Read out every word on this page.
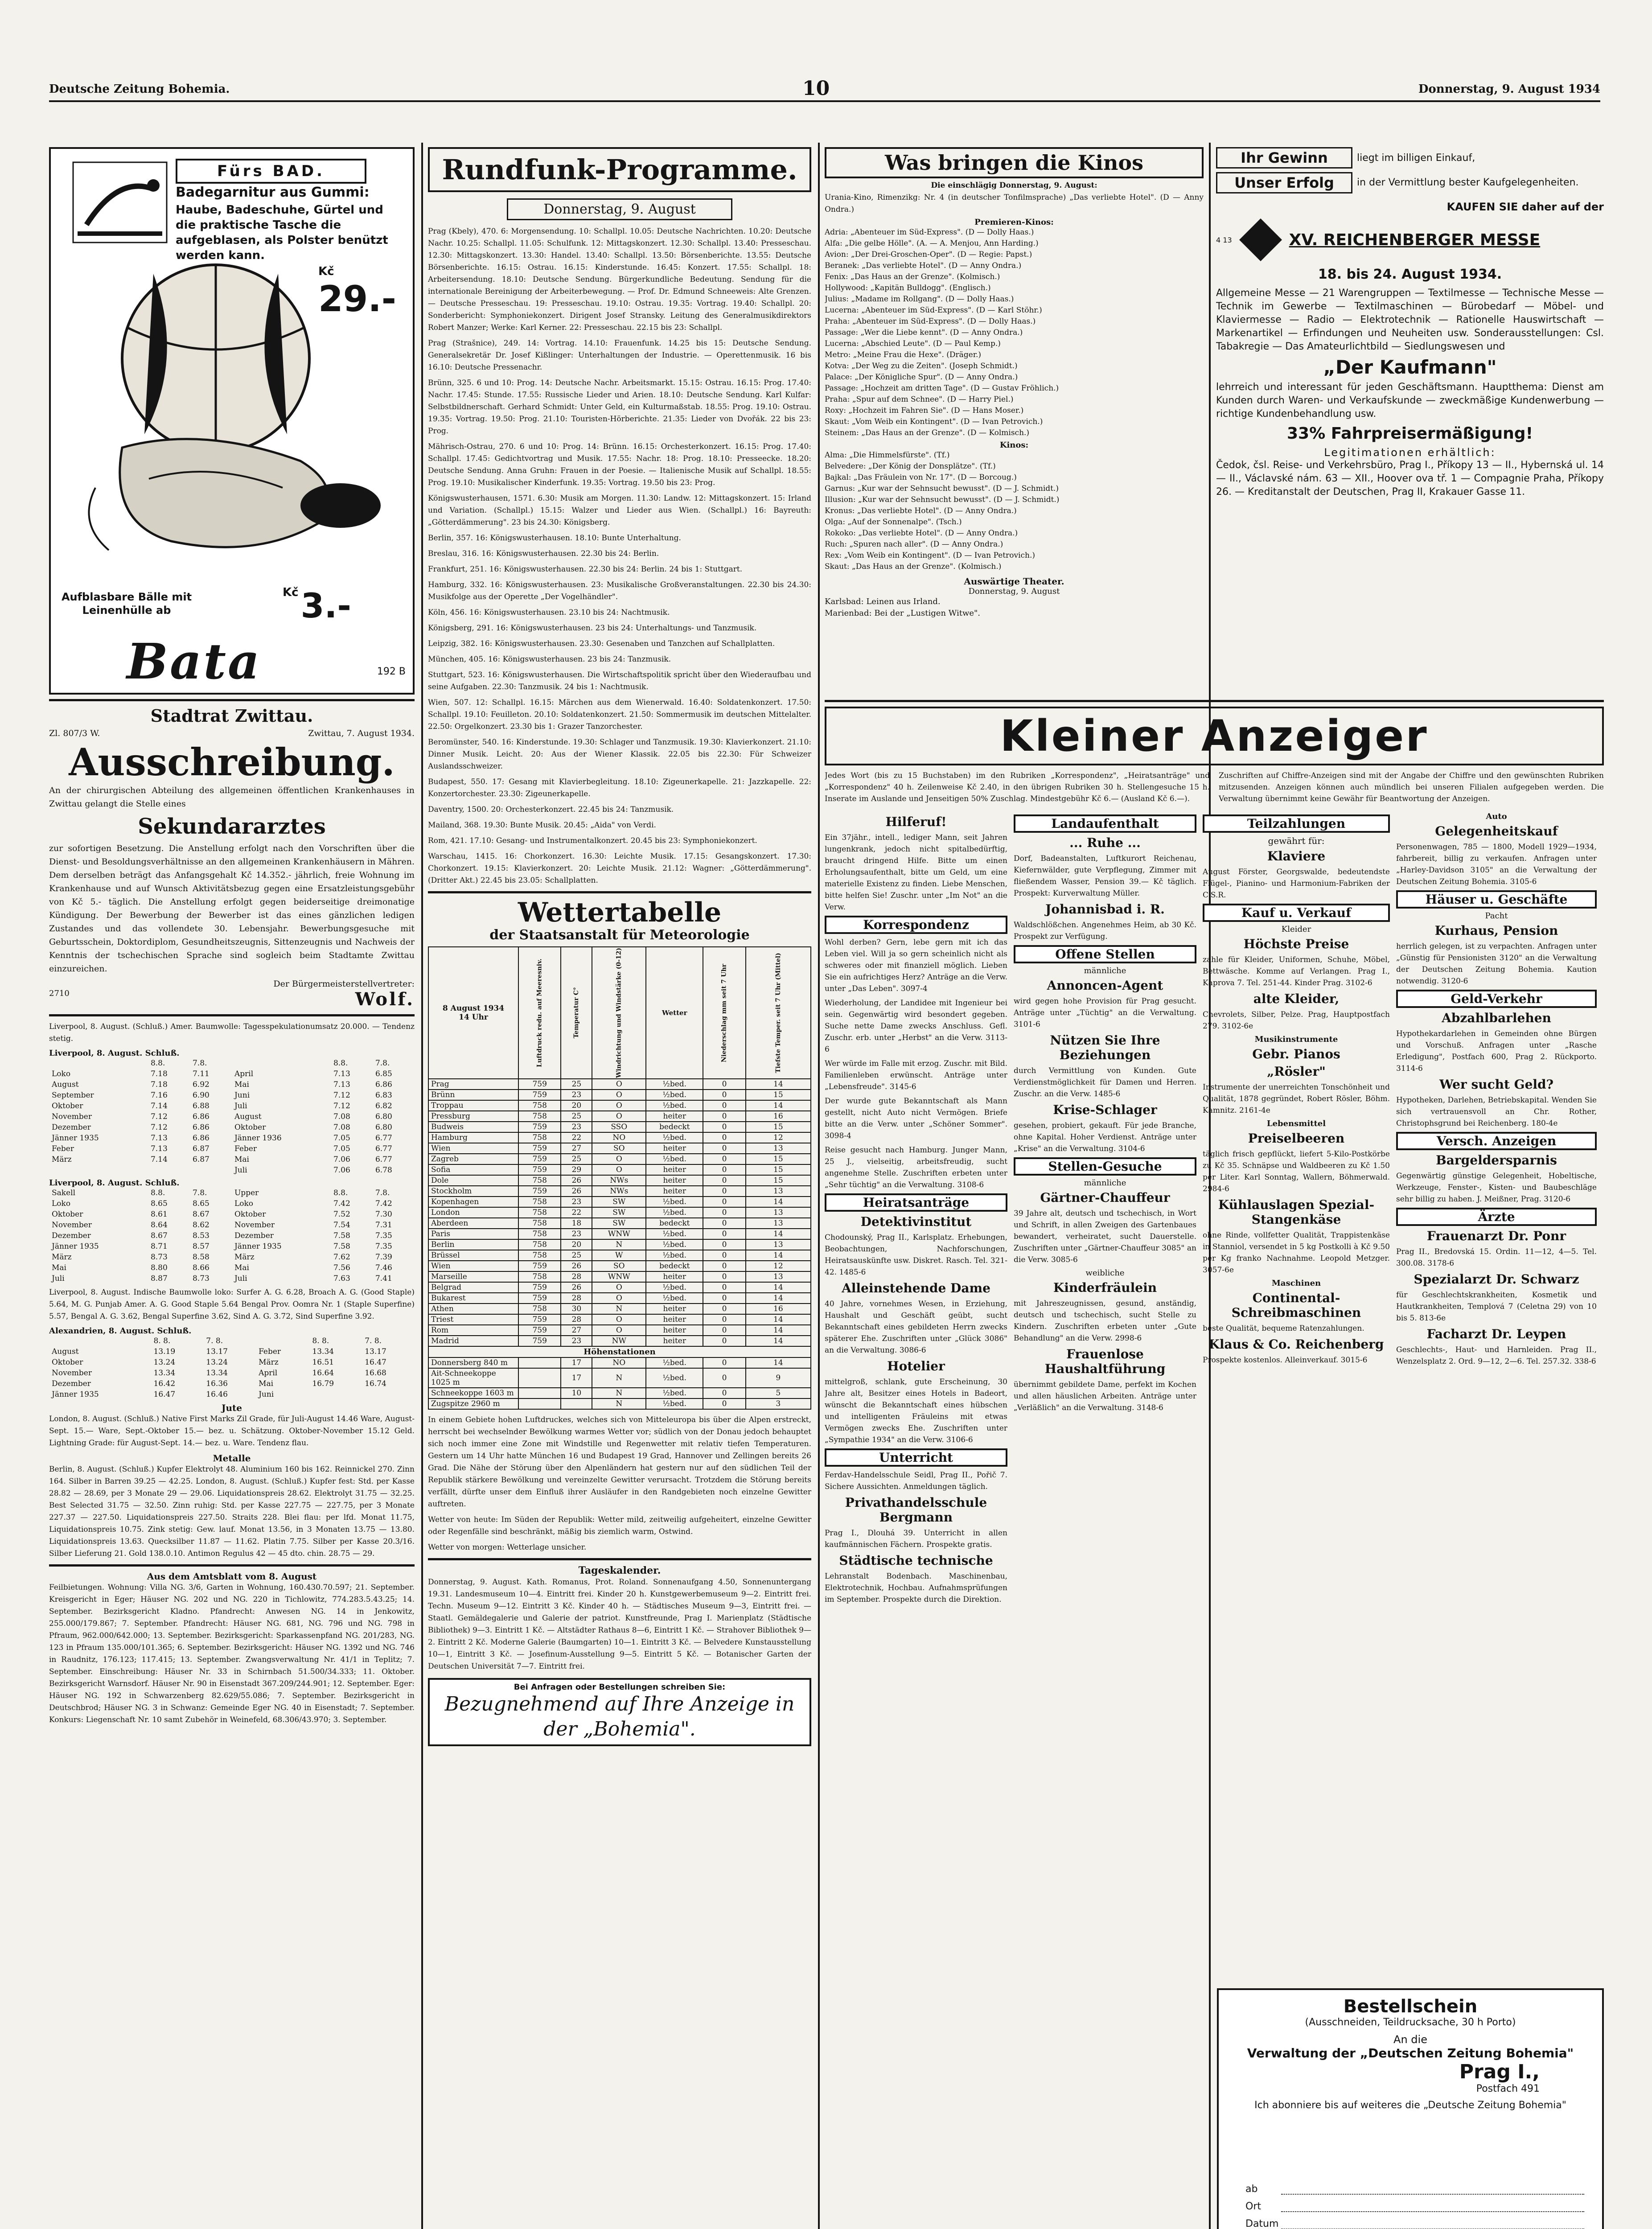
Deutsche Zeitung Bohemia.	10	Donnerstag, 9. August 1934
Fürs BAD.
Badegarnitur aus Gummi:
Haube, Badeschuhe, Gürtel und die praktische Tasche die aufgeblasen, als Polster benützt werden kann.
Kč 29.-
Aufblasbare Bälle mit Leinenhülle ab
Kč 3.-
Bata	192 B
Stadtrat Zwittau.
Zl. 807/3 W.	Zwittau, 7. August 1934.
Ausschreibung.

An der chirurgischen Abteilung des allgemeinen öffentlichen Krankenhauses in Zwittau gelangt die Stelle eines

Sekundararztes

zur sofortigen Besetzung. Die Anstellung erfolgt nach den Vorschriften über die Dienst- und Besoldungsverhältnisse an den allgemeinen Krankenhäusern in Mähren. Dem derselben beträgt das Anfangsgehalt Kč 14.352.- jährlich, freie Wohnung im Krankenhause und auf Wunsch Aktivitätsbezug gegen eine Ersatzleistungsgebühr von Kč 5.- täglich. Die Anstellung erfolgt gegen beiderseitige dreimonatige Kündigung. Der Bewerbung der Bewerber ist das eines gänzlichen ledigen Zustandes und das vollendete 30. Lebensjahr. Bewerbungsgesuche mit Geburtsschein, Doktordiplom, Gesundheitszeugnis, Sittenzeugnis und Nachweis der Kenntnis der tschechischen Sprache sind sogleich beim Stadtamte Zwittau einzureichen.

Der Bürgermeisterstellvertreter:
2710	Wolf.

Liverpool, 8. August. (Schluß.) Amer. Baumwolle: Tagesspekulationumsatz 20.000. — Tendenz stetig.

Liverpool, 8. August. Schluß.
	8.8.	7.8.		8.8.	7.8.
Loko	7.18	7.11	April	7.13	6.85
August	7.18	6.92	Mai	7.13	6.86
September	7.16	6.90	Juni	7.12	6.83
Oktober	7.14	6.88	Juli	7.12	6.82
November	7.12	6.86	August	7.08	6.80
Dezember	7.12	6.86	Oktober	7.08	6.80
Jänner 1935	7.13	6.86	Jänner 1936	7.05	6.77
Feber	7.13	6.87	Feber	7.05	6.77
März	7.14	6.87	Mai	7.06	6.77
			Juli	7.06	6.78
Liverpool, 8. August. Schluß.
Sakell	8.8.	7.8.	Upper	8.8.	7.8.
Loko	8.65	8.65	Loko	7.42	7.42
Oktober	8.61	8.67	Oktober	7.52	7.30
November	8.64	8.62	November	7.54	7.31
Dezember	8.67	8.53	Dezember	7.58	7.35
Jänner 1935	8.71	8.57	Jänner 1935	7.58	7.35
März	8.73	8.58	März	7.62	7.39
Mai	8.80	8.66	Mai	7.56	7.46
Juli	8.87	8.73	Juli	7.63	7.41

Liverpool, 8. August. Indische Baumwolle loko: Surfer A. G. 6.28, Broach A. G. (Good Staple) 5.64, M. G. Punjab Amer. A. G. Good Staple 5.64 Bengal Prov. Oomra Nr. 1 (Staple Superfine) 5.57, Bengal A. G. 3.62, Bengal Superfine 3.62, Sind A. G. 3.72, Sind Superfine 3.92.

Alexandrien, 8. August. Schluß.
	8. 8.	7. 8.		8. 8.	7. 8.
August	13.19	13.17	Feber	13.34	13.17
Oktober	13.24	13.24	März	16.51	16.47
November	13.34	13.34	April	16.64	16.68
Dezember	16.42	16.36	Mai	16.79	16.74
Jänner 1935	16.47	16.46	Juni		
Jute

London, 8. August. (Schluß.) Native First Marks Zil Grade, für Juli-August 14.46 Ware, August-Sept. 15.— Ware, Sept.-Oktober 15.— bez. u. Schätzung. Oktober-November 15.12 Geld. Lightning Grade: für August-Sept. 14.— bez. u. Ware. Tendenz flau.

Metalle

Berlin, 8. August. (Schluß.) Kupfer Elektrolyt 48. Aluminium 160 bis 162. Reinnickel 270. Zinn 164. Silber in Barren 39.25 — 42.25. London, 8. August. (Schluß.) Kupfer fest: Std. per Kasse 28.82 — 28.69, per 3 Monate 29 — 29.06. Liquidationspreis 28.62. Elektrolyt 31.75 — 32.25. Best Selected 31.75 — 32.50. Zinn ruhig: Std. per Kasse 227.75 — 227.75, per 3 Monate 227.37 — 227.50. Liquidationspreis 227.50. Straits 228. Blei flau: per lfd. Monat 11.75, Liquidationspreis 10.75. Zink stetig: Gew. lauf. Monat 13.56, in 3 Monaten 13.75 — 13.80. Liquidationspreis 13.63. Quecksilber 11.87 — 11.62. Platin 7.75. Silber per Kasse 20.3/16. Silber Lieferung 21. Gold 138.0.10. Antimon Regulus 42 — 45 dto. chin. 28.75 — 29.

Aus dem Amtsblatt vom 8. August

Feilbietungen. Wohnung: Villa NG. 3/6, Garten in Wohnung, 160.430.70.597; 21. September. Kreisgericht in Eger; Häuser NG. 202 und NG. 220 in Tichlowitz, 774.283.5.43.25; 14. September. Bezirksgericht Kladno. Pfandrecht: Anwesen NG. 14 in Jenkowitz, 255.000/179.867; 7. September. Pfandrecht: Häuser NG. 681, NG. 796 und NG. 798 in Pfraum, 962.000/642.000; 13. September. Bezirksgericht: Sparkassenpfand NG. 201/283, NG. 123 in Pfraum 135.000/101.365; 6. September. Bezirksgericht: Häuser NG. 1392 und NG. 746 in Raudnitz, 176.123; 117.415; 13. September. Zwangsverwaltung Nr. 41/1 in Teplitz; 7. September. Einschreibung: Häuser Nr. 33 in Schirnbach 51.500/34.333; 11. Oktober. Bezirksgericht Warnsdorf. Häuser Nr. 90 in Eisenstadt 367.209/244.901; 12. September. Eger: Häuser NG. 192 in Schwarzenberg 82.629/55.086; 7. September. Bezirksgericht in Deutschbrod; Häuser NG. 3 in Schwanz: Gemeinde Eger NG. 40 in Eisenstadt; 7. September. Konkurs: Liegenschaft Nr. 10 samt Zubehör in Weinefeld, 68.306/43.970; 3. September.

Rundfunk-Programme.
Donnerstag, 9. August

Prag (Kbely), 470. 6: Morgensendung. 10: Schallpl. 10.05: Deutsche Nachrichten. 10.20: Deutsche Nachr. 10.25: Schallpl. 11.05: Schulfunk. 12: Mittagskonzert. 12.30: Schallpl. 13.40: Presseschau. 12.30: Mittagskonzert. 13.30: Handel. 13.40: Schallpl. 13.50: Börsenberichte. 13.55: Deutsche Börsenberichte. 16.15: Ostrau. 16.15: Kinderstunde. 16.45: Konzert. 17.55: Schallpl. 18: Arbeitersendung. 18.10: Deutsche Sendung. Bürgerkundliche Bedeutung. Sendung für die internationale Bereinigung der Arbeiterbewegung. — Prof. Dr. Edmund Schneeweis: Alte Grenzen. — Deutsche Presseschau. 19: Presseschau. 19.10: Ostrau. 19.35: Vortrag. 19.40: Schallpl. 20: Sonderbericht: Symphoniekonzert. Dirigent Josef Stransky. Leitung des Generalmusikdirektors Robert Manzer; Werke: Karl Kerner. 22: Presseschau. 22.15 bis 23: Schallpl.

Prag (Strašnice), 249. 14: Vortrag. 14.10: Frauenfunk. 14.25 bis 15: Deutsche Sendung. Generalsekretär Dr. Josef Kißlinger: Unterhaltungen der Industrie. — Operettenmusik. 16 bis 16.10: Deutsche Pressenachr.

Brünn, 325. 6 und 10: Prog. 14: Deutsche Nachr. Arbeitsmarkt. 15.15: Ostrau. 16.15: Prog. 17.40: Nachr. 17.45: Stunde. 17.55: Russische Lieder und Arien. 18.10: Deutsche Sendung. Karl Kulfar: Selbstbildnerschaft. Gerhard Schmidt: Unter Geld, ein Kulturmaßstab. 18.55: Prog. 19.10: Ostrau. 19.35: Vortrag. 19.50: Prog. 21.10: Touristen-Hörberichte. 21.35: Lieder von Dvořák. 22 bis 23: Prog.

Mährisch-Ostrau, 270. 6 und 10: Prog. 14: Brünn. 16.15: Orchesterkonzert. 16.15: Prog. 17.40: Schallpl. 17.45: Gedichtvortrag und Musik. 17.55: Nachr. 18: Prog. 18.10: Presseecke. 18.20: Deutsche Sendung. Anna Gruhn: Frauen in der Poesie. — Italienische Musik auf Schallpl. 18.55: Prog. 19.10: Musikalischer Kinderfunk. 19.35: Vortrag. 19.50 bis 23: Prog.

Königswusterhausen, 1571. 6.30: Musik am Morgen. 11.30: Landw. 12: Mittagskonzert. 15: Irland und Variation. (Schallpl.) 15.15: Walzer und Lieder aus Wien. (Schallpl.) 16: Bayreuth: „Götterdämmerung". 23 bis 24.30: Königsberg.

Berlin, 357. 16: Königswusterhausen. 18.10: Bunte Unterhaltung.

Breslau, 316. 16: Königswusterhausen. 22.30 bis 24: Berlin.

Frankfurt, 251. 16: Königswusterhausen. 22.30 bis 24: Berlin. 24 bis 1: Stuttgart.

Hamburg, 332. 16: Königswusterhausen. 23: Musikalische Großveranstaltungen. 22.30 bis 24.30: Musikfolge aus der Operette „Der Vogelhändler".

Köln, 456. 16: Königswusterhausen. 23.10 bis 24: Nachtmusik.

Königsberg, 291. 16: Königswusterhausen. 23 bis 24: Unterhaltungs- und Tanzmusik.

Leipzig, 382. 16: Königswusterhausen. 23.30: Gesenaben und Tanzchen auf Schallplatten.

München, 405. 16: Königswusterhausen. 23 bis 24: Tanzmusik.

Stuttgart, 523. 16: Königswusterhausen. Die Wirtschaftspolitik spricht über den Wiederaufbau und seine Aufgaben. 22.30: Tanzmusik. 24 bis 1: Nachtmusik.

Wien, 507. 12: Schallpl. 16.15: Märchen aus dem Wienerwald. 16.40: Soldatenkonzert. 17.50: Schallpl. 19.10: Feuilleton. 20.10: Soldatenkonzert. 21.50: Sommermusik im deutschen Mittelalter. 22.50: Orgelkonzert. 23.30 bis 1: Grazer Tanzorchester.

Beromünster, 540. 16: Kinderstunde. 19.30: Schlager und Tanzmusik. 19.30: Klavierkonzert. 21.10: Dinner Musik. Leicht. 20: Aus der Wiener Klassik. 22.05 bis 22.30: Für Schweizer Auslandsschweizer.

Budapest, 550. 17: Gesang mit Klavierbegleitung. 18.10: Zigeunerkapelle. 21: Jazzkapelle. 22: Konzertorchester. 23.30: Zigeunerkapelle.

Daventry, 1500. 20: Orchesterkonzert. 22.45 bis 24: Tanzmusik.

Mailand, 368. 19.30: Bunte Musik. 20.45: „Aida" von Verdi.

Rom, 421. 17.10: Gesang- und Instrumentalkonzert. 20.45 bis 23: Symphoniekonzert.

Warschau, 1415. 16: Chorkonzert. 16.30: Leichte Musik. 17.15: Gesangskonzert. 17.30: Chorkonzert. 19.15: Klavierkonzert. 20: Leichte Musik. 21.12: Wagner: „Götterdämmerung". (Dritter Akt.) 22.45 bis 23.05: Schallplatten.

Wettertabelle
der Staatsanstalt für Meteorologie
8 August 1934
14 Uhr	Luftdruck redu. auf Meeresniv.	Temperatur C°	Windrichtung und Windstärke (0-12)	Wetter	Niederschlag mm seit 7 Uhr	Tiefste Temper. seit 7 Uhr (Mittel)
Prag	759	25	O	½bed.	0	14
Brünn	759	23	O	½bed.	0	15
Troppau	758	20	O	½bed.	0	14
Pressburg	758	25	O	heiter	0	16
Budweis	759	23	SSO	bedeckt	0	15
Hamburg	758	22	NO	½bed.	0	12
Wien	759	27	SO	heiter	0	13
Zagreb	759	25	O	½bed.	0	15
Sofia	759	29	O	heiter	0	15
Dole	758	26	NWs	heiter	0	15
Stockholm	759	26	NWs	heiter	0	13
Kopenhagen	758	23	SW	½bed.	0	14
London	758	22	SW	½bed.	0	13
Aberdeen	758	18	SW	bedeckt	0	13
Paris	758	23	WNW	½bed.	0	14
Berlin	758	20	N	½bed.	0	13
Brüssel	758	25	W	½bed.	0	14
Wien	759	26	SO	bedeckt	0	12
Marseille	758	28	WNW	heiter	0	13
Belgrad	759	26	O	½bed.	0	14
Bukarest	759	28	O	½bed.	0	14
Athen	758	30	N	heiter	0	16
Triest	759	28	O	heiter	0	14
Rom	759	27	O	heiter	0	14
Madrid	759	23	NW	heiter	0	14
Höhenstationen						
Donnersberg 840 m		17	NO	½bed.	0	14
Ait-Schneekoppe 1025 m		17	N	½bed.	0	9
Schneekoppe 1603 m		10	N	½bed.	0	5
Zugspitze 2960 m			N	½bed.	0	3

In einem Gebiete hohen Luftdruckes, welches sich von Mitteleuropa bis über die Alpen erstreckt, herrscht bei wechselnder Bewölkung warmes Wetter vor; südlich von der Donau jedoch behauptet sich noch immer eine Zone mit Windstille und Regenwetter mit relativ tiefen Temperaturen. Gestern um 14 Uhr hatte München 16 und Budapest 19 Grad, Hannover und Zellingen bereits 26 Grad. Die Nähe der Störung über den Alpenländern hat gestern nur auf den südlichen Teil der Republik stärkere Bewölkung und vereinzelte Gewitter verursacht. Trotzdem die Störung bereits verfällt, dürfte unser dem Einfluß ihrer Ausläufer in den Randgebieten noch einzelne Gewitter auftreten.

Wetter von heute: Im Süden der Republik: Wetter mild, zeitweilig aufgeheitert, einzelne Gewitter oder Regenfälle sind beschränkt, mäßig bis ziemlich warm, Ostwind.

Wetter von morgen: Wetterlage unsicher.

Tageskalender.

Donnerstag, 9. August. Kath. Romanus, Prot. Roland. Sonnenaufgang 4.50, Sonnenuntergang 19.31. Landesmuseum 10—4. Eintritt frei. Kinder 20 h. Kunstgewerbemuseum 9—2. Eintritt frei. Techn. Museum 9—12. Eintritt 3 Kč. Kinder 40 h. — Städtisches Museum 9—3, Eintritt frei. — Staatl. Gemäldegalerie und Galerie der patriot. Kunstfreunde, Prag I. Marienplatz (Städtische Bibliothek) 9—3. Eintritt 1 Kč. — Altstädter Rathaus 8—6, Eintritt 1 Kč. — Strahover Bibliothek 9—2. Eintritt 2 Kč. Moderne Galerie (Baumgarten) 10—1. Eintritt 3 Kč. — Belvedere Kunstausstellung 10—1, Eintritt 3 Kč. — Josefinum-Ausstellung 9—5. Eintritt 5 Kč. — Botanischer Garten der Deutschen Universität 7—7. Eintritt frei.

Bei Anfragen oder Bestellungen schreiben Sie:
Bezugnehmend auf Ihre Anzeige in der „Bohemia".
Was bringen die Kinos
Die einschlägig Donnerstag, 9. August:

Urania-Kino, Rimenzikg: Nr. 4 (in deutscher Tonfilmsprache) „Das verliebte Hotel". (D — Anny Ondra.)

Premieren-Kinos:
Adria: „Abenteuer im Süd-Express". (D — Dolly Haas.)
Alfa: „Die gelbe Hölle". (A. — A. Menjou, Ann Harding.)
Avion: „Der Drei-Groschen-Oper". (D — Regie: Papst.)
Beranek: „Das verliebte Hotel". (D — Anny Ondra.)
Fenix: „Das Haus an der Grenze". (Kolmisch.)
Hollywood: „Kapitän Bulldogg". (Englisch.)
Julius: „Madame im Rollgang". (D — Dolly Haas.)
Lucerna: „Abenteuer im Süd-Express". (D — Karl Stöhr.)
Praha: „Abenteuer im Süd-Express". (D — Dolly Haas.)
Passage: „Wer die Liebe kennt". (D — Anny Ondra.)
Lucerna: „Abschied Leute". (D — Paul Kemp.)
Metro: „Meine Frau die Hexe". (Dräger.)
Kotva: „Der Weg zu die Zeiten". (Joseph Schmidt.)
Palace: „Der Königliche Spur". (D — Anny Ondra.)
Passage: „Hochzeit am dritten Tage". (D — Gustav Fröhlich.)
Praha: „Spur auf dem Schnee". (D — Harry Piel.)
Roxy: „Hochzeit im Fahren Sie". (D — Hans Moser.)
Skaut: „Vom Weib ein Kontingent". (D — Ivan Petrovich.)
Steinem: „Das Haus an der Grenze". (D — Kolmisch.)
Kinos:
Alma: „Die Himmelsfürste". (Tf.)
Belvedere: „Der König der Donsplätze". (Tf.)
Bajkal: „Das Fräulein von Nr. 17". (D — Borcoug.)
Garnus: „Kur war der Sehnsucht bewusst". (D — J. Schmidt.)
Illusion: „Kur war der Sehnsucht bewusst". (D — J. Schmidt.)
Kronus: „Das verliebte Hotel". (D — Anny Ondra.)
Olga: „Auf der Sonnenalpe". (Tsch.)
Rokoko: „Das verliebte Hotel". (D — Anny Ondra.)
Ruch: „Spuren nach aller". (D — Anny Ondra.)
Rex: „Vom Weib ein Kontingent". (D — Ivan Petrovich.)
Skaut: „Das Haus an der Grenze". (Kolmisch.)
Auswärtige Theater.
Donnerstag, 9. August
Karlsbad: Leinen aus Irland.
Marienbad: Bei der „Lustigen Witwe".
Ihr Gewinn	liegt im billigen Einkauf,
Unser Erfolg	in der Vermittlung bester Kaufgelegenheiten.
KAUFEN SIE daher auf der
4 13	XV. REICHENBERGER MESSE
18. bis 24. August 1934.

Allgemeine Messe — 21 Warengruppen — Textilmesse — Technische Messe — Technik im Gewerbe — Textilmaschinen — Bürobedarf — Möbel- und Klaviermesse — Radio — Elektrotechnik — Rationelle Hauswirtschaft — Markenartikel — Erfindungen und Neuheiten usw. Sonderausstellungen: Csl. Tabakregie — Das Amateurlichtbild — Siedlungswesen und

„Der Kaufmann"

lehrreich und interessant für jeden Geschäftsmann. Hauptthema: Dienst am Kunden durch Waren- und Verkaufskunde — zweckmäßige Kundenwerbung — richtige Kundenbehandlung usw.

33% Fahrpreisermäßigung!
Legitimationen erhältlich:

Čedok, čsl. Reise- und Verkehrsbüro, Prag I., Příkopy 13 — II., Hybernská ul. 14 — II., Václavské nám. 63 — XII., Hoover ova tř. 1 — Compagnie Praha, Příkopy 26. — Kreditanstalt der Deutschen, Prag II, Krakauer Gasse 11.

Kleiner Anzeiger

Jedes Wort (bis zu 15 Buchstaben) im den Rubriken „Korrespondenz", „Heiratsanträge" und „Korrespondenz" 40 h. Zeilenweise Kč 2.40, in den übrigen Rubriken 30 h. Stellengesuche 15 h. Inserate im Auslande und Jenseitigen 50% Zuschlag. Mindestgebühr Kč 6.— (Ausland Kč 6.—).

Zuschriften auf Chiffre-Anzeigen sind mit der Angabe der Chiffre und den gewünschten Rubriken mitzusenden. Anzeigen können auch mündlich bei unseren Filialen aufgegeben werden. Die Verwaltung übernimmt keine Gewähr für Beantwortung der Anzeigen.

Hilferuf!

Ein 37jähr., intell., lediger Mann, seit Jahren lungenkrank, jedoch nicht spitalbedürftig, braucht dringend Hilfe. Bitte um einen Erholungsaufenthalt, bitte um Geld, um eine materielle Existenz zu finden. Liebe Menschen, bitte helfen Sie! Zuschr. unter „Im Not" an die Verw.

Korrespondenz

Wohl derben? Gern, lebe gern mit ich das Leben viel. Will ja so gern scheinlich nicht als schweres oder mit finanziell möglich. Lieben Sie ein aufrichtiges Herz? Anträge an die Verw. unter „Das Leben". 3097-4

Wiederholung, der Landidee mit Ingenieur bei sein. Gegenwärtig wird besondert gegeben. Suche nette Dame zwecks Anschluss. Gefl. Zuschr. erb. unter „Herbst" an die Verw. 3113-6

Wer würde im Falle mit erzog. Zuschr. mit Bild. Familienleben erwünscht. Anträge unter „Lebensfreude". 3145-6

Der wurde gute Bekanntschaft als Mann gestellt, nicht Auto nicht Vermögen. Briefe bitte an die Verw. unter „Schöner Sommer". 3098-4

Reise gesucht nach Hamburg. Junger Mann, 25 J., vielseitig, arbeitsfreudig, sucht angenehme Stelle. Zuschriften erbeten unter „Sehr tüchtig" an die Verwaltung. 3108-6

Heiratsanträge
Detektivinstitut

Chodounský, Prag II., Karlsplatz. Erhebungen, Beobachtungen, Nachforschungen, Heiratsauskünfte usw. Diskret. Rasch. Tel. 321-42. 1485-6

Alleinstehende Dame

40 Jahre, vornehmes Wesen, in Erziehung, Haushalt und Geschäft geübt, sucht Bekanntschaft eines gebildeten Herrn zwecks späterer Ehe. Zuschriften unter „Glück 3086" an die Verwaltung. 3086-6

Hotelier

mittelgroß, schlank, gute Erscheinung, 30 Jahre alt, Besitzer eines Hotels in Badeort, wünscht die Bekanntschaft eines hübschen und intelligenten Fräuleins mit etwas Vermögen zwecks Ehe. Zuschriften unter „Sympathie 1934" an die Verw. 3106-6

Unterricht

Ferdav-Handelsschule Seidl, Prag II., Pořič 7. Sichere Aussichten. Anmeldungen täglich.

Privathandelsschule Bergmann

Prag I., Dlouhá 39. Unterricht in allen kaufmännischen Fächern. Prospekte gratis.

Städtische technische

Lehranstalt Bodenbach. Maschinenbau, Elektrotechnik, Hochbau. Aufnahmsprüfungen im September. Prospekte durch die Direktion.

Landaufenthalt
... Ruhe ...

Dorf, Badeanstalten, Luftkurort Reichenau, Kiefernwälder, gute Verpflegung, Zimmer mit fließendem Wasser, Pension 39.— Kč täglich. Prospekt: Kurverwaltung Müller.

Johannisbad i. R.

Waldschlößchen. Angenehmes Heim, ab 30 Kč. Prospekt zur Verfügung.

Offene Stellen
männliche
Annoncen-Agent

wird gegen hohe Provision für Prag gesucht. Anträge unter „Tüchtig" an die Verwaltung. 3101-6

Nützen Sie Ihre Beziehungen

durch Vermittlung von Kunden. Gute Verdienstmöglichkeit für Damen und Herren. Zuschr. an die Verw. 1485-6

Krise-Schlager

gesehen, probiert, gekauft. Für jede Branche, ohne Kapital. Hoher Verdienst. Anträge unter „Krise" an die Verwaltung. 3104-6

Stellen-Gesuche
männliche
Gärtner-Chauffeur

39 Jahre alt, deutsch und tschechisch, in Wort und Schrift, in allen Zweigen des Gartenbaues bewandert, verheiratet, sucht Dauerstelle. Zuschriften unter „Gärtner-Chauffeur 3085" an die Verw. 3085-6

weibliche
Kinderfräulein

mit Jahreszeugnissen, gesund, anständig, deutsch und tschechisch, sucht Stelle zu Kindern. Zuschriften erbeten unter „Gute Behandlung" an die Verw. 2998-6

Frauenlose Haushaltführung

übernimmt gebildete Dame, perfekt im Kochen und allen häuslichen Arbeiten. Anträge unter „Verläßlich" an die Verwaltung. 3148-6

Teilzahlungen
gewährt für:
Klaviere

August Förster, Georgswalde, bedeutendste Flügel-, Pianino- und Harmonium-Fabriken der C.S.R.

Kauf u. Verkauf
Kleider
Höchste Preise

zahle für Kleider, Uniformen, Schuhe, Möbel, Bettwäsche. Komme auf Verlangen. Prag I., Kaprova 7. Tel. 251-44. Kinder Prag. 3102-6

alte Kleider,

Chevrolets, Silber, Pelze. Prag, Hauptpostfach 279. 3102-6e

Musikinstrumente
Gebr. Pianos
„Rösler"

Instrumente der unerreichten Tonschönheit und Qualität, 1878 gegründet, Robert Rösler, Böhm. Kamnitz. 2161-4e

Lebensmittel
Preiselbeeren

täglich frisch gepflückt, liefert 5-Kilo-Postkörbe zu Kč 35. Schnäpse und Waldbeeren zu Kč 1.50 per Liter. Karl Sonntag, Wallern, Böhmerwald. 2984-6

Kühlauslagen Spezial-Stangenkäse

ohne Rinde, vollfetter Qualität, Trappistenkäse in Stanniol, versendet in 5 kg Postkolli à Kč 9.50 per Kg franko Nachnahme. Leopold Metzger. 3057-6e

Maschinen
Continental-Schreibmaschinen

beste Qualität, bequeme Ratenzahlungen.

Klaus & Co. Reichenberg

Prospekte kostenlos. Alleinverkauf. 3015-6

Auto
Gelegenheitskauf

Personenwagen, 785 — 1800, Modell 1929—1934, fahrbereit, billig zu verkaufen. Anfragen unter „Harley-Davidson 3105" an die Verwaltung der Deutschen Zeitung Bohemia. 3105-6

Häuser u. Geschäfte
Pacht
Kurhaus, Pension

herrlich gelegen, ist zu verpachten. Anfragen unter „Günstig für Pensionisten 3120" an die Verwaltung der Deutschen Zeitung Bohemia. Kaution notwendig. 3120-6

Geld-Verkehr
Abzahlbarlehen

Hypothekardarlehen in Gemeinden ohne Bürgen und Vorschuß. Anfragen unter „Rasche Erledigung", Postfach 600, Prag 2. Rückporto. 3114-6

Wer sucht Geld?

Hypotheken, Darlehen, Betriebskapital. Wenden Sie sich vertrauensvoll an Chr. Rother, Christophsgrund bei Reichenberg. 180-4e

Versch. Anzeigen
Bargeldersparnis

Gegenwärtig günstige Gelegenheit, Hobeltische, Werkzeuge, Fenster-, Kisten- und Baubeschläge sehr billig zu haben. J. Meißner, Prag. 3120-6

Ärzte
Frauenarzt Dr. Ponr

Prag II., Bredovská 15. Ordin. 11—12, 4—5. Tel. 300.08. 3178-6

Spezialarzt Dr. Schwarz

für Geschlechtskrankheiten, Kosmetik und Hautkrankheiten, Templová 7 (Celetna 29) von 10 bis 5. 813-6e

Facharzt Dr. Leypen

Geschlechts-, Haut- und Harnleiden. Prag II., Wenzelsplatz 2. Ord. 9—12, 2—6. Tel. 257.32. 338-6

Bestellschein
(Ausschneiden, Teildrucksache, 30 h Porto)
An die
Verwaltung der „Deutschen Zeitung Bohemia"
Prag I.,
Postfach 491
Ich abonniere bis auf weiteres die „Deutsche Zeitung Bohemia"
ab
Ort
Datum
